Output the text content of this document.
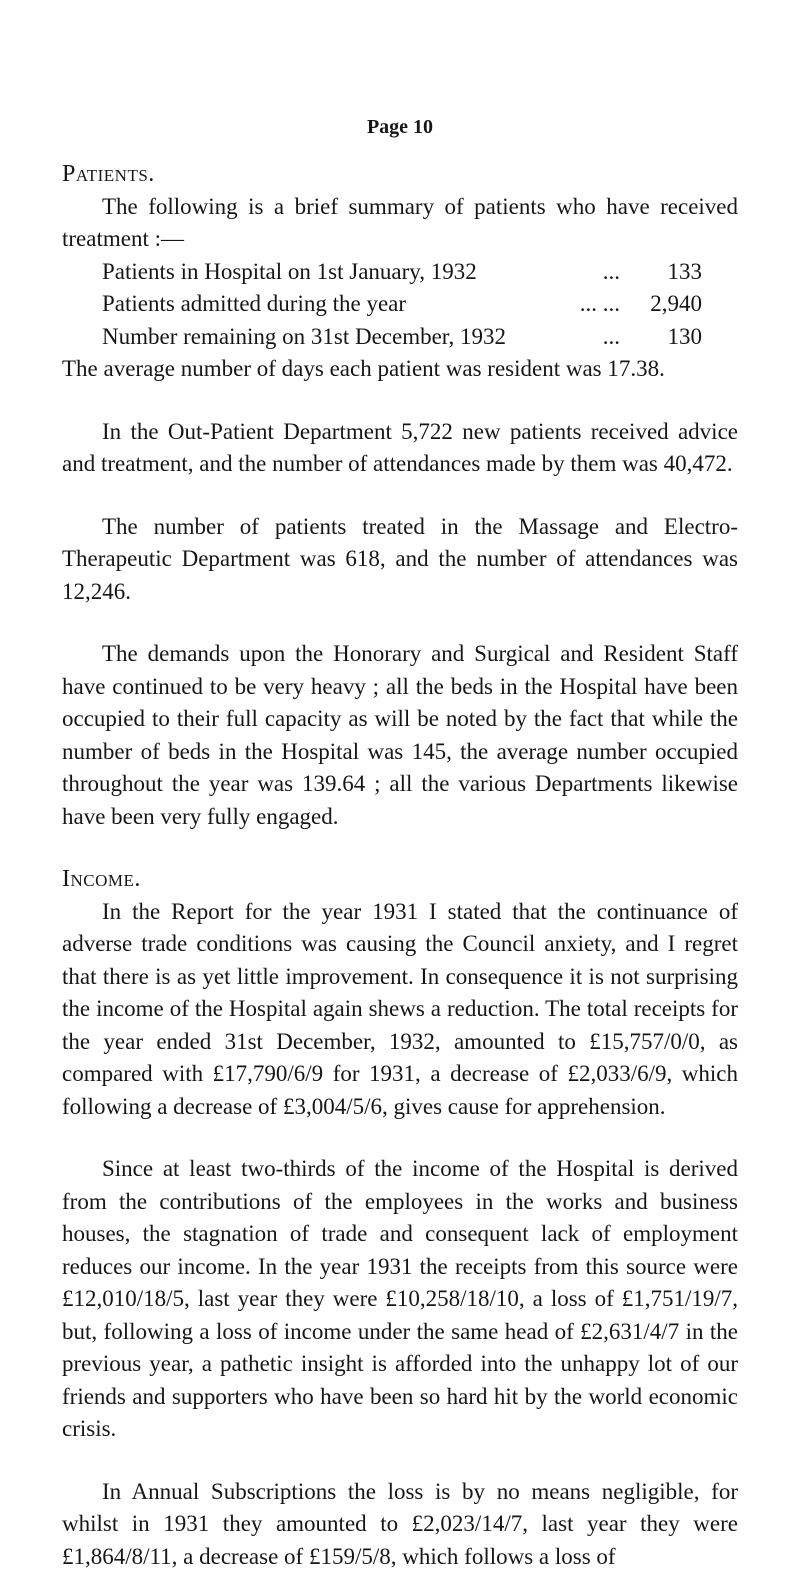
Page 10
Patients.

The following is a brief summary of patients who have received treatment :—

Patients in Hospital on 1st January, 1932	...	133
Patients admitted during the year	... ...	2,940
Number remaining on 31st December, 1932	...	130

The average number of days each patient was resident was 17.38.

In the Out-Patient Department 5,722 new patients received advice and treatment, and the number of attendances made by them was 40,472.

The number of patients treated in the Massage and Electro-Therapeutic Department was 618, and the number of attendances was 12,246.

The demands upon the Honorary and Surgical and Resident Staff have continued to be very heavy ; all the beds in the Hospital have been occupied to their full capacity as will be noted by the fact that while the number of beds in the Hospital was 145, the average number occupied throughout the year was 139.64 ; all the various Departments likewise have been very fully engaged.

Income.

In the Report for the year 1931 I stated that the continuance of adverse trade conditions was causing the Council anxiety, and I regret that there is as yet little improvement. In consequence it is not surprising the income of the Hospital again shews a reduction. The total receipts for the year ended 31st December, 1932, amounted to £15,757/0/0, as compared with £17,790/6/9 for 1931, a decrease of £2,033/6/9, which following a decrease of £3,004/5/6, gives cause for apprehension.

Since at least two-thirds of the income of the Hospital is derived from the contributions of the employees in the works and business houses, the stagnation of trade and consequent lack of employment reduces our income. In the year 1931 the receipts from this source were £12,010/18/5, last year they were £10,258/18/10, a loss of £1,751/19/7, but, following a loss of income under the same head of £2,631/4/7 in the previous year, a pathetic insight is afforded into the unhappy lot of our friends and supporters who have been so hard hit by the world economic crisis.

In Annual Subscriptions the loss is by no means negligible, for whilst in 1931 they amounted to £2,023/14/7, last year they were £1,864/8/11, a decrease of £159/5/8, which follows a loss of
